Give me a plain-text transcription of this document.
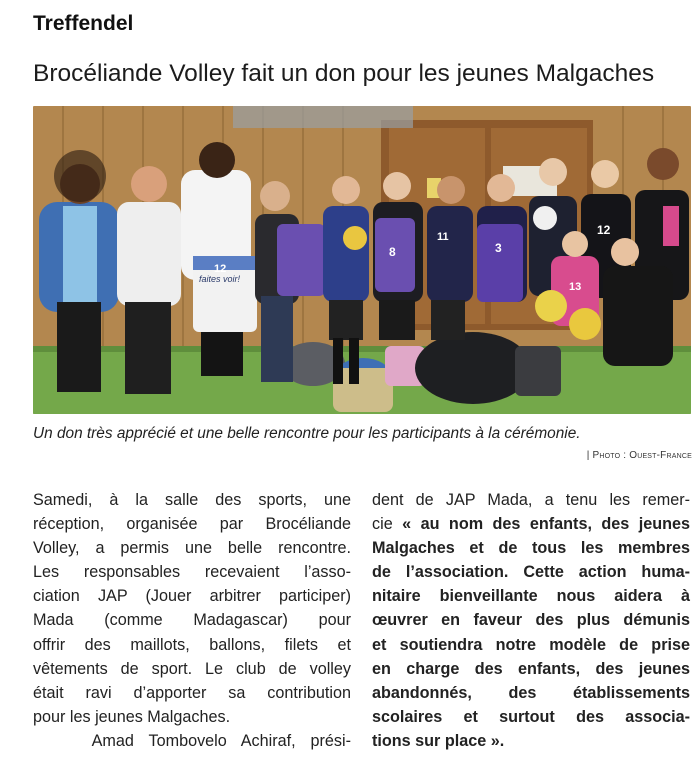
Treffendel
Brocéliande Volley fait un don pour les jeunes Malgaches
faites voir!
12
8	3
12
11
13
Un don très apprécié et une belle rencontre pour les participants à la cérémonie.
| Photo : Ouest-France
Samedi, à la salle des sports, une
réception, organisée par Brocéliande
Volley, a permis une belle rencontre.
Les responsables recevaient l’asso-
ciation JAP (Jouer arbitrer participer)
Mada (comme Madagascar) pour
offrir des maillots, ballons, filets et
vêtements de sport. Le club de volley
était ravi d’apporter sa contribution
pour les jeunes Malgaches.
Amad Tombovelo Achiraf, prési-
dent de JAP Mada, a tenu les remer-
cie « au nom des enfants, des jeunes
Malgaches et de tous les membres
de l’association. Cette action huma-
nitaire bienveillante nous aidera à
œuvrer en faveur des plus démunis
et soutiendra notre modèle de prise
en charge des enfants, des jeunes
abandonnés, des établissements
scolaires et surtout des associa-
tions sur place ».
